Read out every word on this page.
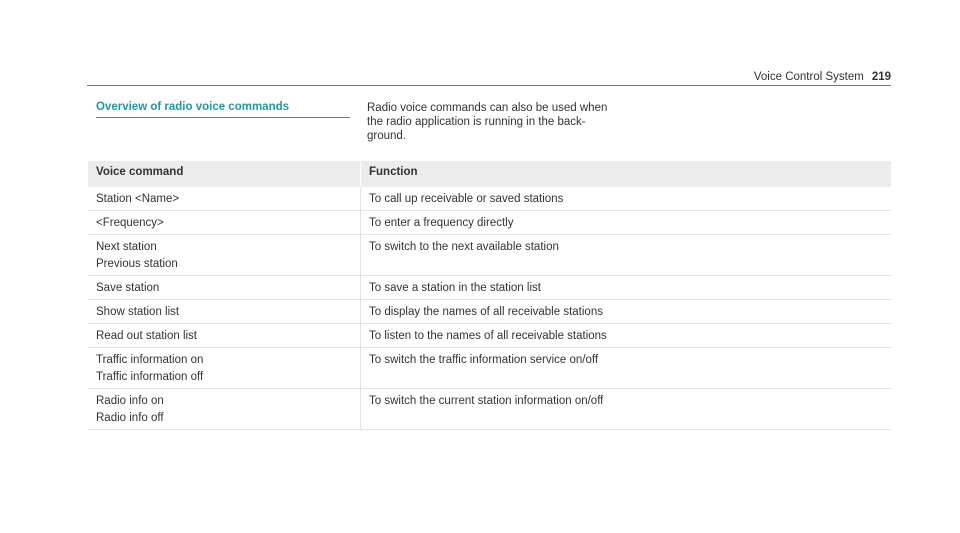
Voice Control System 219
Overview of radio voice commands	Radio voice commands can also be used when
the radio application is running in the back-
ground.
Voice command	Function

Station <Name>	To call up receivable or saved stations

<Frequency>	To enter a frequency directly

Next station
Previous station	To switch to the next available station

Save station	To save a station in the station list

Show station list	To display the names of all receivable stations

Read out station list	To listen to the names of all receivable stations

Traffic information on
Traffic information off	To switch the traffic information service on/off

Radio info on
Radio info off	To switch the current station information on/off
